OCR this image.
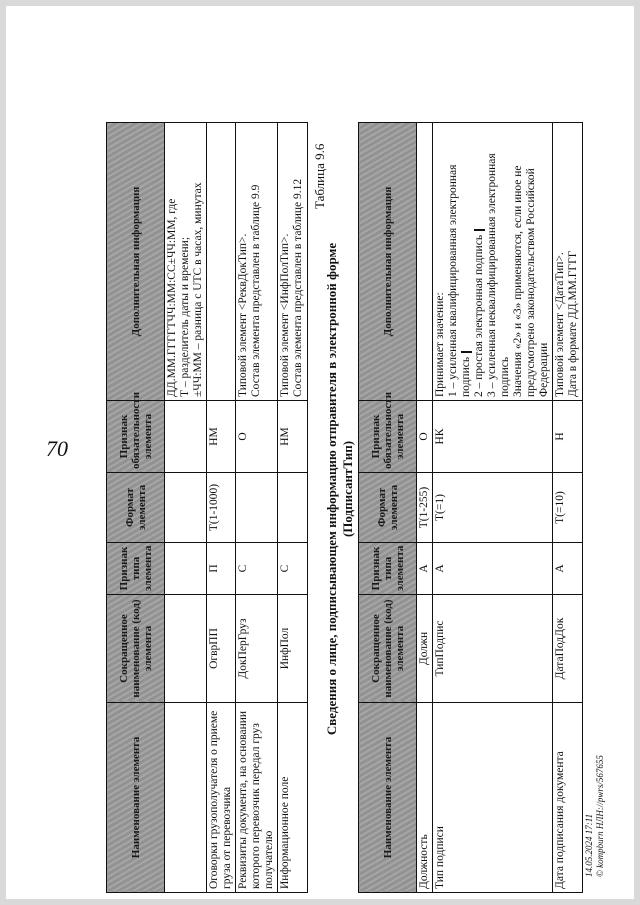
70
Наименование элемента	Сокращенное наименование (код) элемента	Признак типа элемента	Формат элемента	Признак обязательности элемента	Дополнительная информация

					ДД.ММ.ГГГГТЧЧ:ММ:СС±ЧЧ:ММ, где Т – разделитель даты и времени; ±ЧЧ:ММ – разница с UTC в часах, минутах

Оговорки грузополучателя о приеме груза от перевозчика	ОгврПП	П	T(1-1000)	НМ	
Реквизиты документа, на основании которого перевозчик передал груз получателю	ДокПерГруз	С		О	Типовой элемент <РеквДокТип>. Состав элемента представлен в таблице 9.9

Информационное поле	ИнфПол	С		НМ	Типовой элемент <ИнфПолТип>. Состав элемента представлен в таблице 9.12
Таблица 9.6
Сведения о лице, подписывающем информацию отправителя в электронной форме (ПодписантТип)
Наименование элемента	Сокращенное наименование (код) элемента	Признак типа элемента	Формат элемента	Признак обязательности элемента	Дополнительная информация
Должность	Должн	А	T(1-255)	О	
Тип подписи	ТипПодпис	А	T(=1)	НК	Принимает значение: 1 – усиленная квалифицированная электронная подпись 2 – простая электронная подпись 3 – усиленная неквалифицированная электронная подпись Значения «2» и «3» применяются, если иное не предусмотрено законодательством Российской Федерации

Дата подписания документа	ДатаПодДок	А	T(=10)	Н	Типовой элемент <ДатаТип>. Дата в формате ДД.ММ.ГГГГ
14.05.2024 17:11 © kompburn НЛН://pwrs/567655
